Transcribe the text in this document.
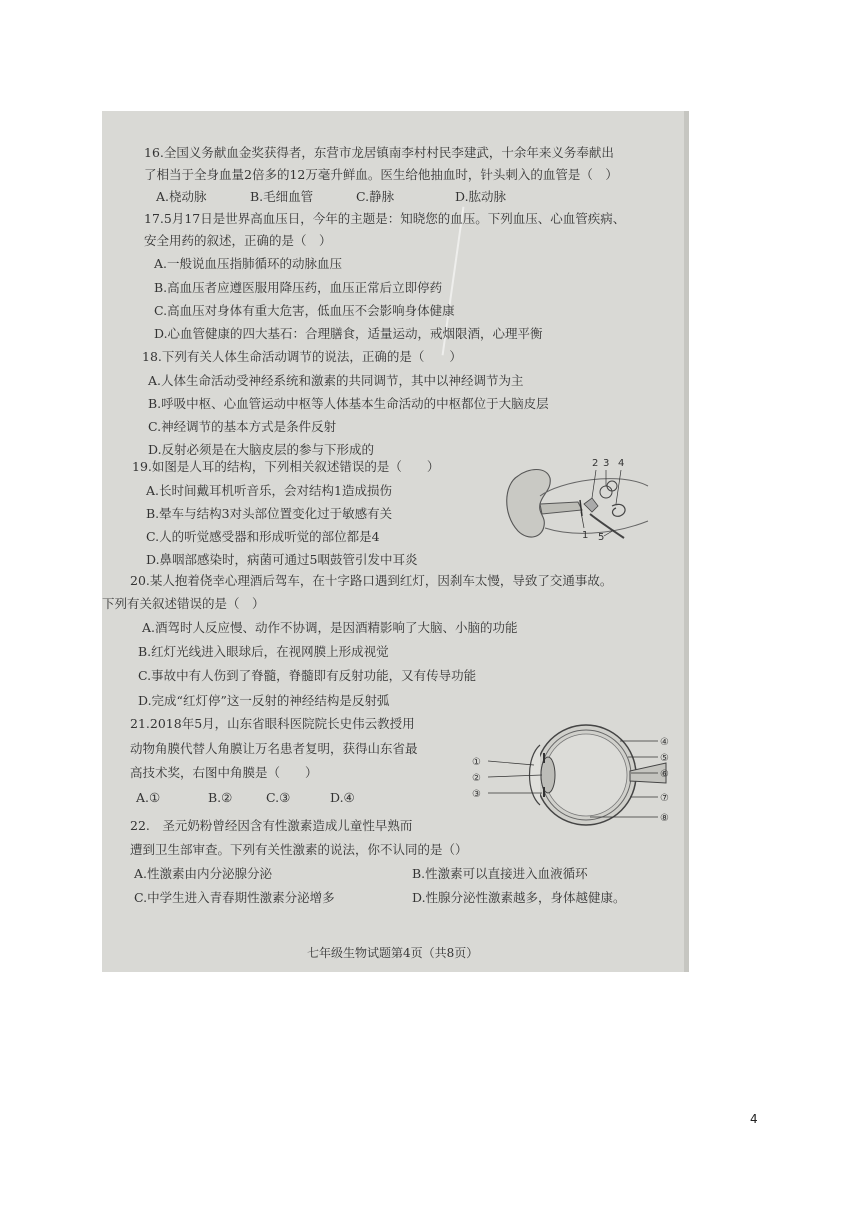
16.全国义务献血金奖获得者，东营市龙居镇南李村村民李建武，十余年来义务奉献出
了相当于全身血量2倍多的12万毫升鲜血。医生给他抽血时，针头刺入的血管是（　）
A.桡动脉	B.毛细血管	C.静脉	D.肱动脉
17.5月17日是世界高血压日，今年的主题是：知晓您的血压。下列血压、心血管疾病、
安全用药的叙述，正确的是（　）
A.一般说血压指肺循环的动脉血压
B.高血压者应遵医服用降压药，血压正常后立即停药
C.高血压对身体有重大危害，低血压不会影响身体健康
D.心血管健康的四大基石：合理膳食，适量运动，戒烟限酒，心理平衡
18.下列有关人体生命活动调节的说法，正确的是（　　）
A.人体生命活动受神经系统和激素的共同调节，其中以神经调节为主
B.呼吸中枢、心血管运动中枢等人体基本生命活动的中枢都位于大脑皮层
C.神经调节的基本方式是条件反射
D.反射必须是在大脑皮层的参与下形成的
19.如图是人耳的结构，下列相关叙述错误的是（　　）
A.长时间戴耳机听音乐，会对结构1造成损伤
B.晕车与结构3对头部位置变化过于敏感有关
C.人的听觉感受器和形成听觉的部位都是4
D.鼻咽部感染时，病菌可通过5咽鼓管引发中耳炎
2 3 4
1 5
20.某人抱着侥幸心理酒后驾车，在十字路口遇到红灯，因刹车太慢，导致了交通事故。
下列有关叙述错误的是（　）
A.酒驾时人反应慢、动作不协调，是因酒精影响了大脑、小脑的功能
B.红灯光线进入眼球后，在视网膜上形成视觉
C.事故中有人伤到了脊髓，脊髓即有反射功能，又有传导功能
D.完成“红灯停”这一反射的神经结构是反射弧
21.2018年5月，山东省眼科医院院长史伟云教授用
动物角膜代替人角膜让万名患者复明，获得山东省最
高技术奖，右图中角膜是（　　）
A.①	B.②	C.③	D.④
①
②
③
④
⑤
⑥
⑦
⑧
22.　圣元奶粉曾经因含有性激素造成儿童性早熟而
遭到卫生部审查。下列有关性激素的说法，你不认同的是（）
A.性激素由内分泌腺分泌	B.性激素可以直接进入血液循环
C.中学生进入青春期性激素分泌增多	D.性腺分泌性激素越多，身体越健康。
七年级生物试题第4页（共8页）
4
